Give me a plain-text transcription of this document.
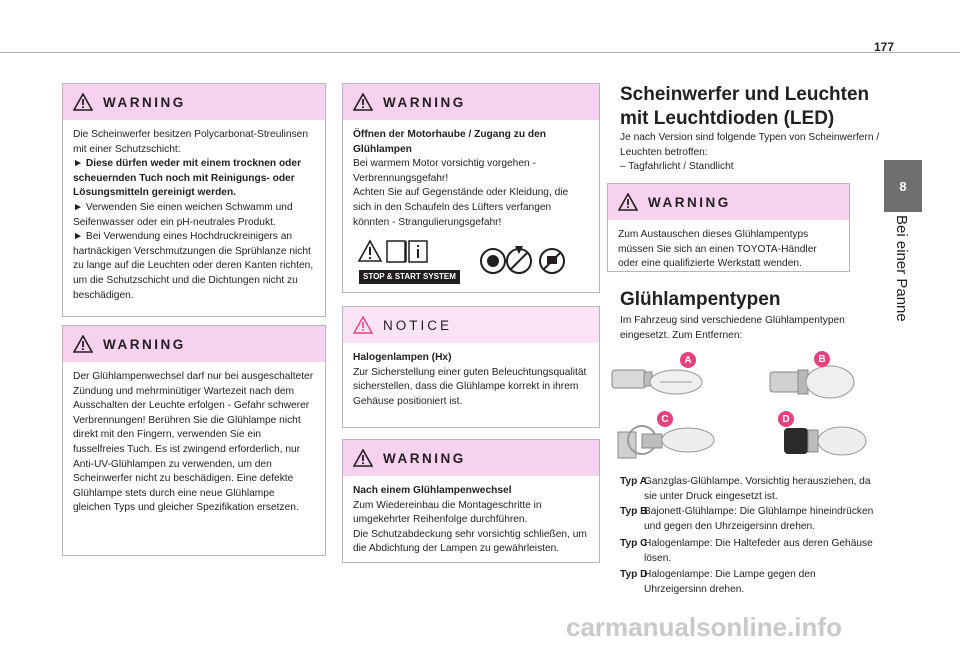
177
8
Bei einer Panne
WARNING
Die Scheinwerfer besitzen Polycarbonat-Streulinsen mit einer Schutzschicht:
► Diese dürfen weder mit einem trocknen oder scheuernden Tuch noch mit Reinigungs- oder Lösungsmitteln gereinigt werden.
► Verwenden Sie einen weichen Schwamm und Seifenwasser oder ein pH-neutrales Produkt.
► Bei Verwendung eines Hochdruckreinigers an hartnäckigen Verschmutzungen die Sprühlanze nicht zu lange auf die Leuchten oder deren Kanten richten, um die Schutzschicht und die Dichtungen nicht zu beschädigen.
WARNING
Der Glühlampenwechsel darf nur bei ausgeschalteter Zündung und mehrminütiger Wartezeit nach dem Ausschalten der Leuchte erfolgen - Gefahr schwerer Verbrennungen! Berühren Sie die Glühlampe nicht direkt mit den Fingern, verwenden Sie ein fusselfreies Tuch. Es ist zwingend erforderlich, nur Anti-UV-Glühlampen zu verwenden, um den Scheinwerfer nicht zu beschädigen. Eine defekte Glühlampe stets durch eine neue Glühlampe gleichen Typs und gleicher Spezifikation ersetzen.
WARNING
Öffnen der Motorhaube / Zugang zu den Glühlampen
Bei warmem Motor vorsichtig vorgehen - Verbrennungsgefahr!
Achten Sie auf Gegenstände oder Kleidung, die sich in den Schaufeln des Lüfters verfangen könnten - Strangulierungsgefahr!
STOP & START SYSTEM
NOTICE
Halogenlampen (Hx)
Zur Sicherstellung einer guten Beleuchtungsqualität sicherstellen, dass die Glühlampe korrekt in ihrem Gehäuse positioniert ist.
WARNING
Nach einem Glühlampenwechsel
Zum Wiedereinbau die Montageschritte in umgekehrter Reihenfolge durchführen.
Die Schutzabdeckung sehr vorsichtig schließen, um die Abdichtung der Lampen zu gewährleisten.
Scheinwerfer und Leuchten mit Leuchtdioden (LED)
Je nach Version sind folgende Typen von Scheinwerfern / Leuchten betroffen:
– Tagfahrlicht / Standlicht
WARNING
Zum Austauschen dieses Glühlampentyps müssen Sie sich an einen TOYOTA-Händler oder eine qualifizierte Werkstatt wenden.
Glühlampentypen
Im Fahrzeug sind verschiedene Glühlampentypen eingesetzt. Zum Entfernen:
A	B
C	D
Typ A
Ganzglas-Glühlampe. Vorsichtig herausziehen, da sie unter Druck eingesetzt ist.
Typ B
Bajonett-Glühlampe: Die Glühlampe hineindrücken und gegen den Uhrzeigersinn drehen.
Typ C
Halogenlampe: Die Haltefeder aus deren Gehäuse lösen.
Typ D
Halogenlampe: Die Lampe gegen den Uhrzeigersinn drehen.
carmanualsonline.info
